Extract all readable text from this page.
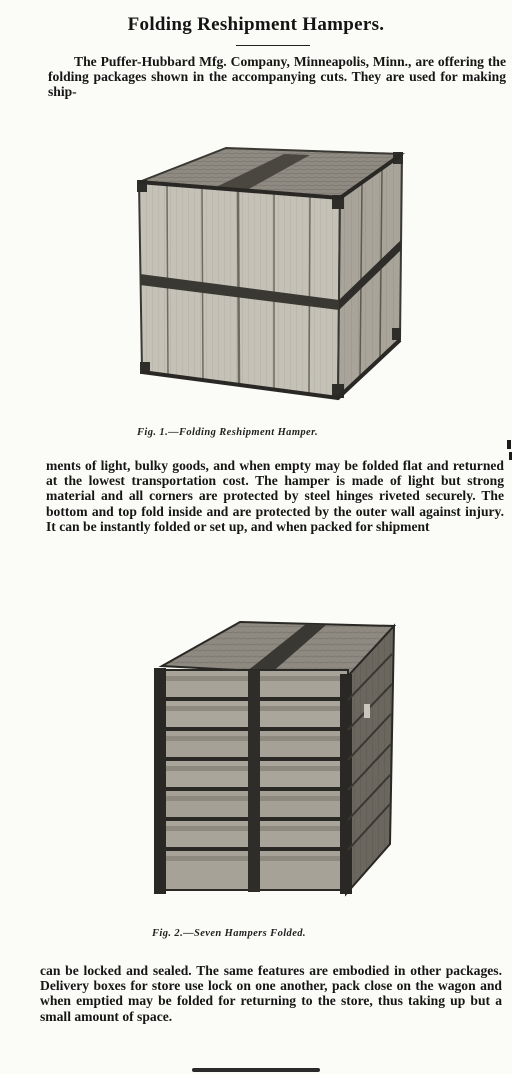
Folding Reshipment Hampers.

The Puffer-Hubbard Mfg. Company, Minneapolis, Minn., are offering the folding packages shown in the accompanying cuts. They are used for making ship-

Fig. 1.—Folding Reshipment Hamper.

ments of light, bulky goods, and when empty may be folded flat and returned at the lowest transportation cost. The hamper is made of light but strong material and all corners are protected by steel hinges riveted securely. The bottom and top fold inside and are protected by the outer wall against injury. It can be instantly folded or set up, and when packed for shipment

Fig. 2.—Seven Hampers Folded.

can be locked and sealed. The same features are embodied in other packages. Delivery boxes for store use lock on one another, pack close on the wagon and when emptied may be folded for returning to the store, thus taking up but a small amount of space.
